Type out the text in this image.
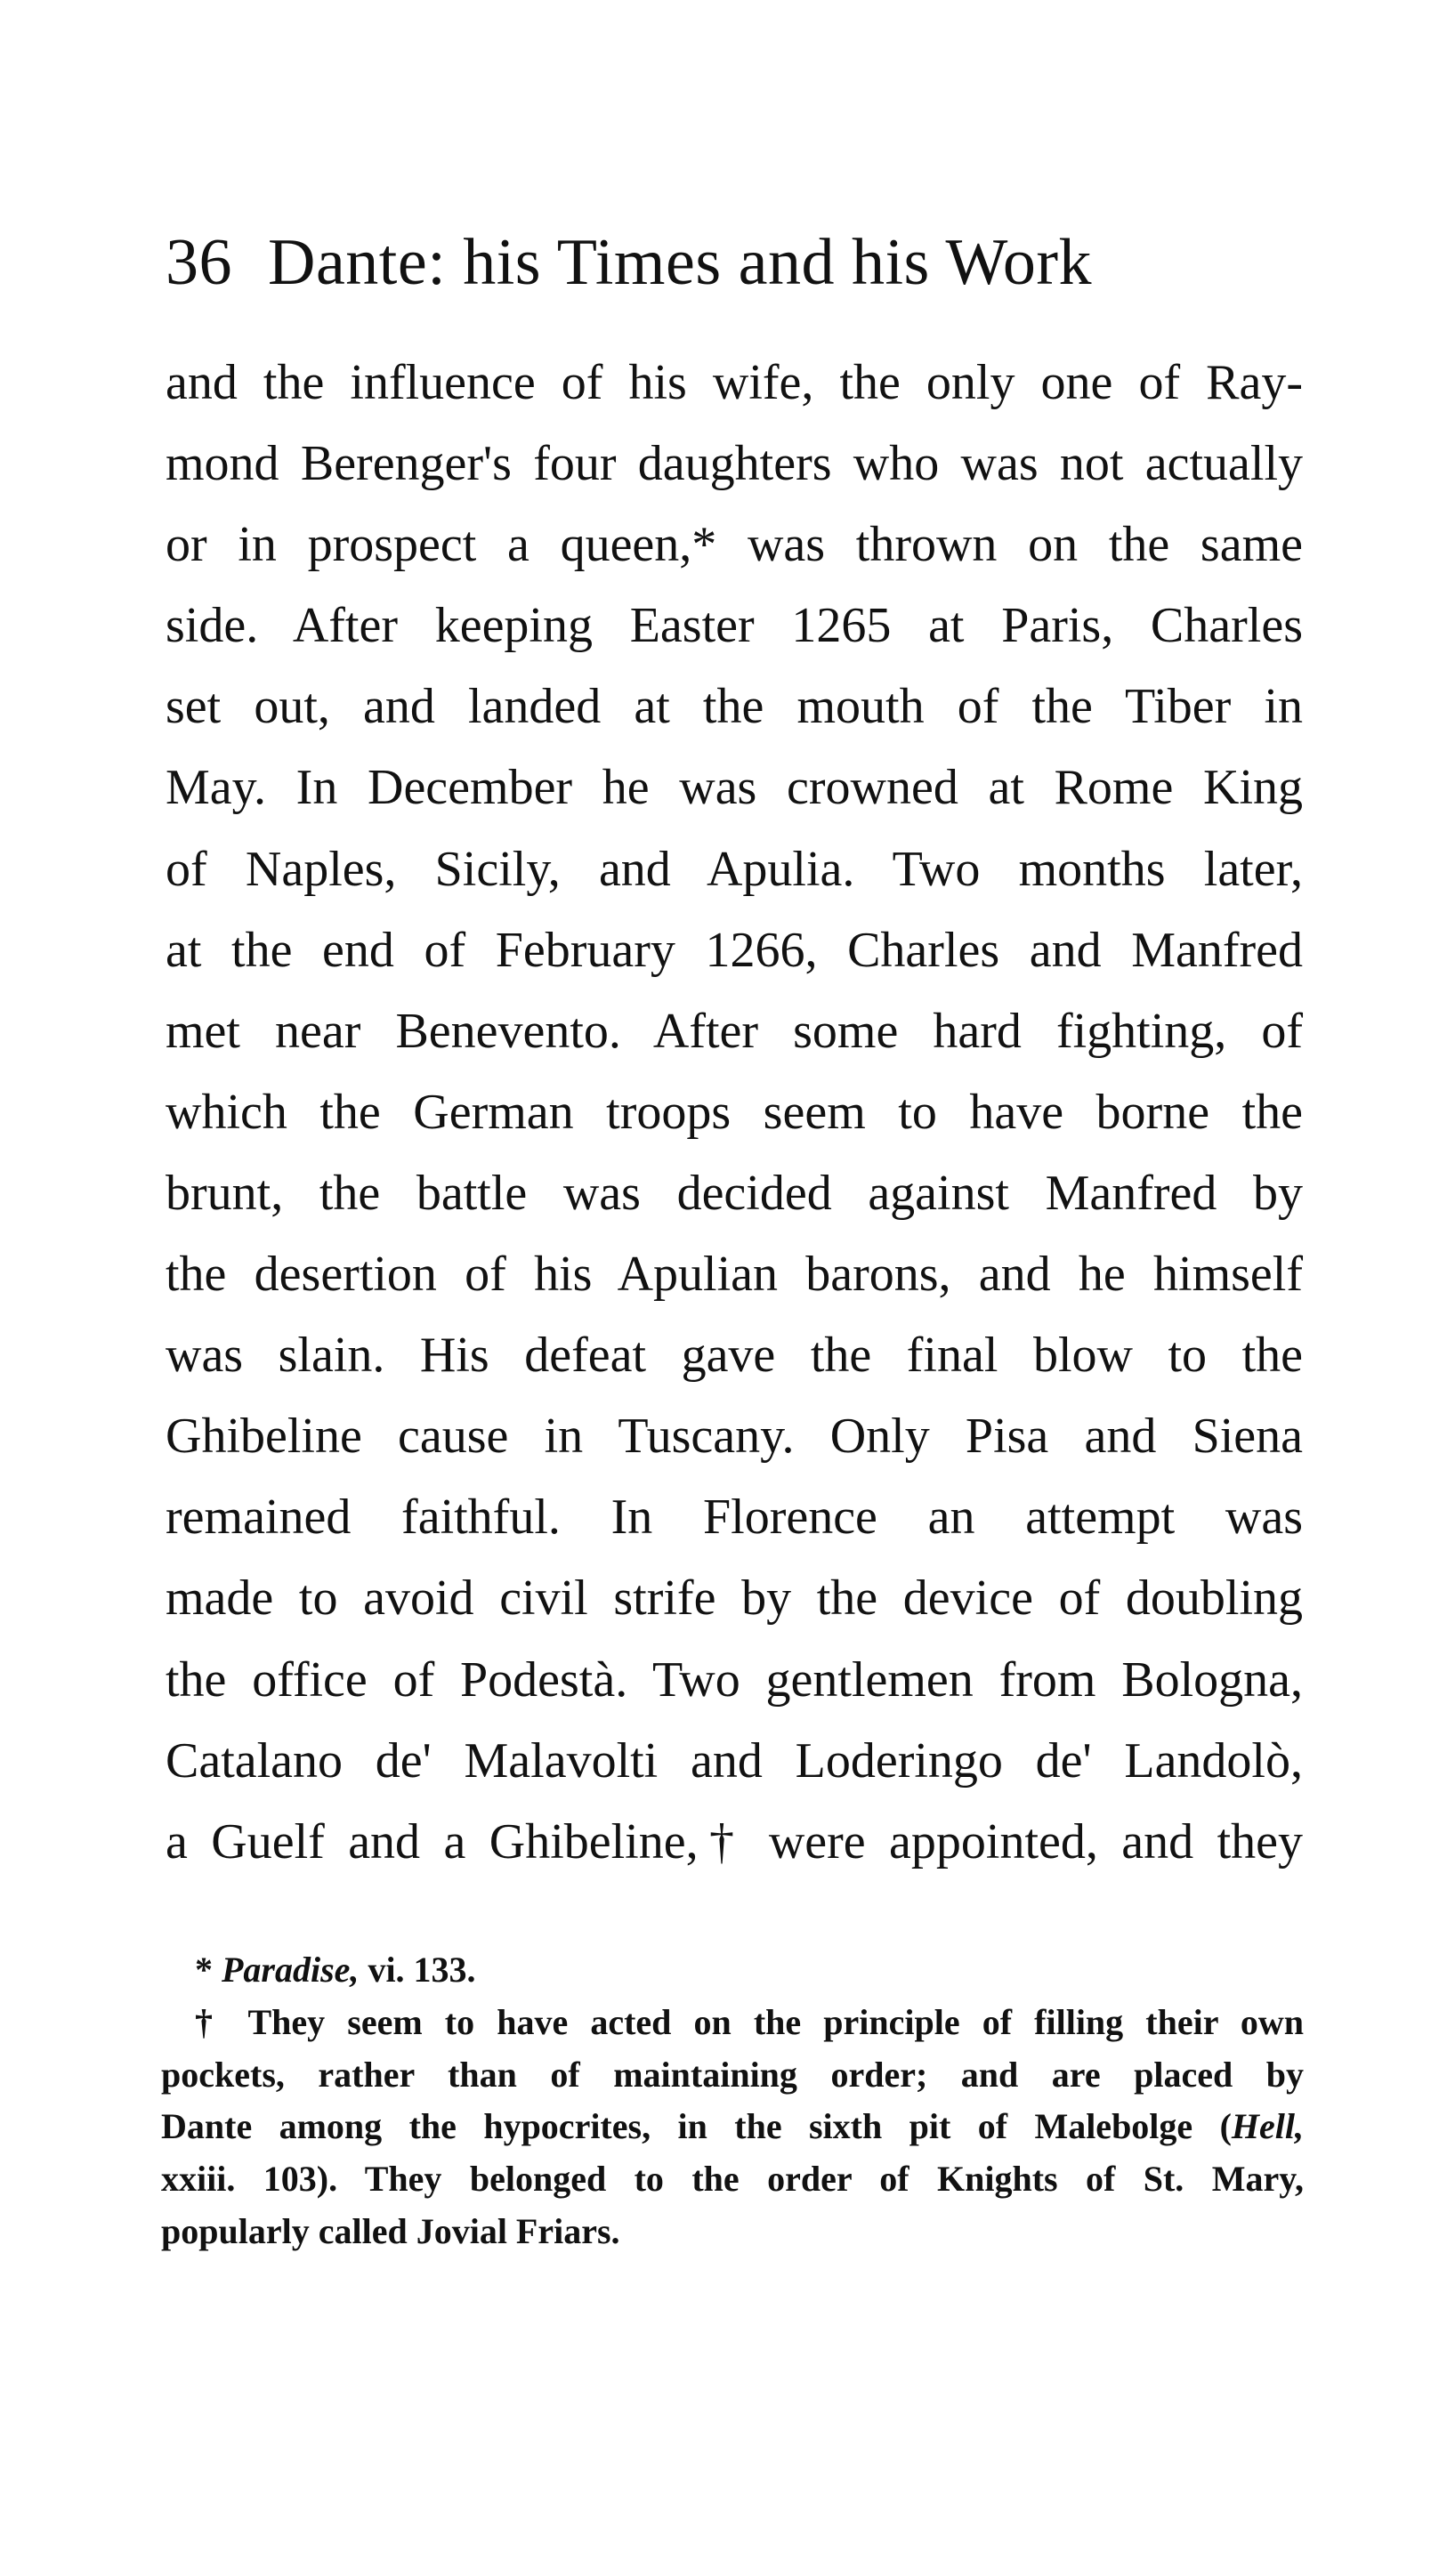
36 Dante: his Times and his Work
and the influence of his wife, the only one of Ray-
mond Berenger's four daughters who was not actually
or in prospect a queen,* was thrown on the same
side. After keeping Easter 1265 at Paris, Charles
set out, and landed at the mouth of the Tiber in
May. In December he was crowned at Rome King
of Naples, Sicily, and Apulia. Two months later,
at the end of February 1266, Charles and Manfred
met near Benevento. After some hard fighting, of
which the German troops seem to have borne the
brunt, the battle was decided against Manfred by
the desertion of his Apulian barons, and he himself
was slain. His defeat gave the final blow to the
Ghibeline cause in Tuscany. Only Pisa and Siena
remained faithful. In Florence an attempt was
made to avoid civil strife by the device of doubling
the office of Podestà. Two gentlemen from Bologna,
Catalano de' Malavolti and Loderingo de' Landolò,
a Guelf and a Ghibeline,† were appointed, and they
* Paradise, vi. 133.
† They seem to have acted on the principle of filling their own
pockets, rather than of maintaining order; and are placed by
Dante among the hypocrites, in the sixth pit of Malebolge (Hell,
xxiii. 103). They belonged to the order of Knights of St. Mary,
popularly called Jovial Friars.
